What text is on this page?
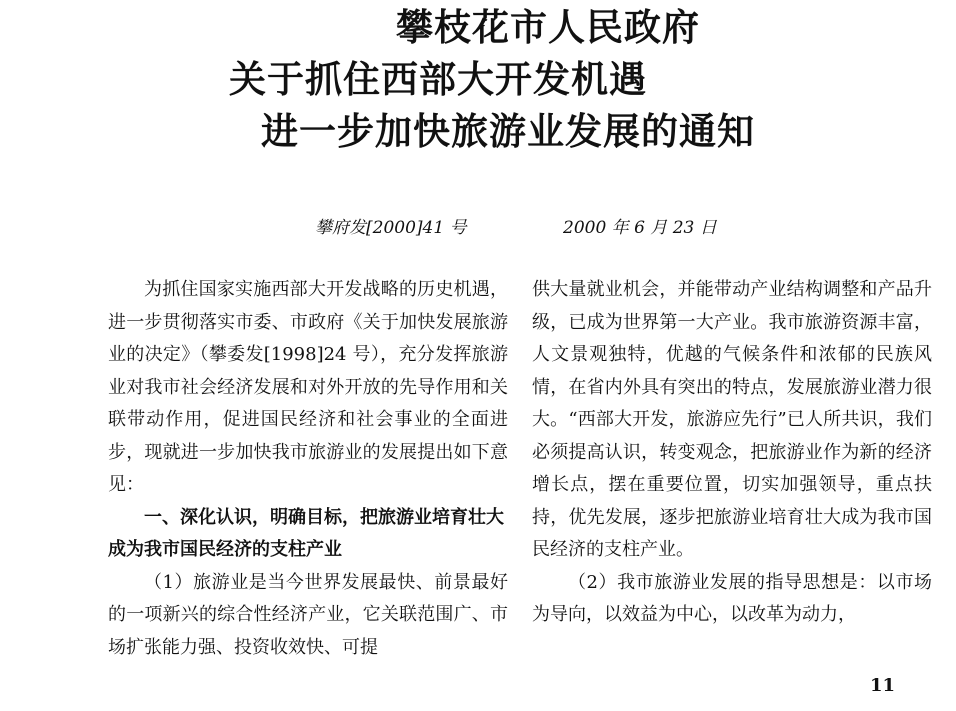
攀枝花市人民政府
关于抓住西部大开发机遇
进一步加快旅游业发展的通知
攀府发[2000]41 号	2000 年 6 月 23 日

为抓住国家实施西部大开发战略的历史机遇，进一步贯彻落实市委、市政府《关于加快发展旅游业的决定》（攀委发[1998]24 号），充分发挥旅游业对我市社会经济发展和对外开放的先导作用和关联带动作用，促进国民经济和社会事业的全面进步，现就进一步加快我市旅游业的发展提出如下意见：

一、深化认识，明确目标，把旅游业培育壮大成为我市国民经济的支柱产业

（1）旅游业是当今世界发展最快、前景最好的一项新兴的综合性经济产业，它关联范围广、市场扩张能力强、投资收效快、可提

供大量就业机会，并能带动产业结构调整和产品升级，已成为世界第一大产业。我市旅游资源丰富，人文景观独特，优越的气候条件和浓郁的民族风情，在省内外具有突出的特点，发展旅游业潜力很大。“西部大开发，旅游应先行”已人所共识，我们必须提高认识，转变观念，把旅游业作为新的经济增长点，摆在重要位置，切实加强领导，重点扶持，优先发展，逐步把旅游业培育壮大成为我市国民经济的支柱产业。

（2）我市旅游业发展的指导思想是：以市场为导向，以效益为中心，以改革为动力，

11
